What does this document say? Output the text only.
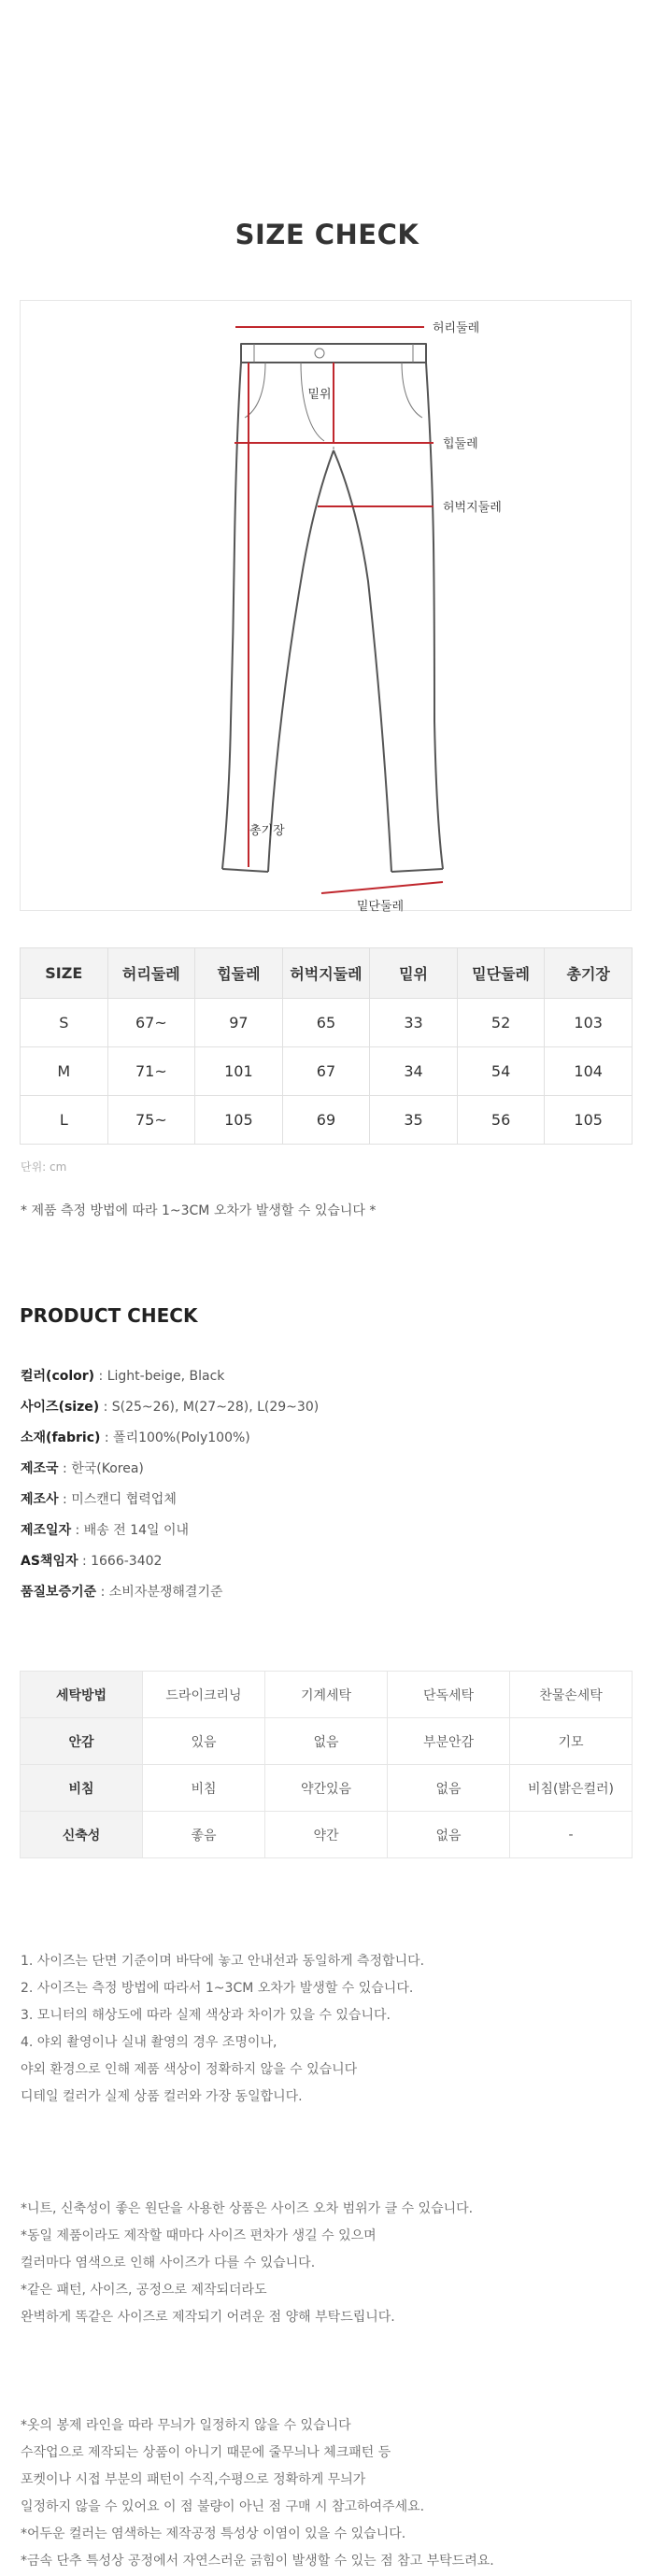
SIZE CHECK
허리둘레
밑위
힙둘레
허벅지둘레
총기장
밑단둘레
SIZE	허리둘레	힙둘레	허벅지둘레	밑위	밑단둘레	총기장
S	67~	97	65	33	52	103
M	71~	101	67	34	54	104
L	75~	105	69	35	56	105
단위: cm
* 제품 측정 방법에 따라 1~3CM 오차가 발생할 수 있습니다 *
PRODUCT CHECK
컬러(color) : Light-beige, Black
사이즈(size) : S(25~26), M(27~28), L(29~30)
소재(fabric) : 폴리100%(Poly100%)
제조국 : 한국(Korea)
제조사 : 미스캔디 협력업체
제조일자 : 배송 전 14일 이내
AS책임자 : 1666-3402
품질보증기준 : 소비자분쟁해결기준
세탁방법	드라이크리닝	기계세탁	단독세탁	찬물손세탁
안감	있음	없음	부분안감	기모
비침	비침	약간있음	없음	비침(밝은컬러)
신축성	좋음	약간	없음	-
1. 사이즈는 단면 기준이며 바닥에 놓고 안내선과 동일하게 측정합니다.
2. 사이즈는 측정 방법에 따라서 1~3CM 오차가 발생할 수 있습니다.
3. 모니터의 해상도에 따라 실제 색상과 차이가 있을 수 있습니다.
4. 야외 촬영이나 실내 촬영의 경우 조명이나,
야외 환경으로 인해 제품 색상이 정확하지 않을 수 있습니다
디테일 컬러가 실제 상품 컬러와 가장 동일합니다.
*니트, 신축성이 좋은 원단을 사용한 상품은 사이즈 오차 범위가 클 수 있습니다.
*동일 제품이라도 제작할 때마다 사이즈 편차가 생길 수 있으며
컬러마다 염색으로 인해 사이즈가 다를 수 있습니다.
*같은 패턴, 사이즈, 공정으로 제작되더라도
완벽하게 똑같은 사이즈로 제작되기 어려운 점 양해 부탁드립니다.
*옷의 봉제 라인을 따라 무늬가 일정하지 않을 수 있습니다
수작업으로 제작되는 상품이 아니기 때문에 줄무늬나 체크패턴 등
포켓이나 시접 부분의 패턴이 수직,수평으로 정확하게 무늬가
일정하지 않을 수 있어요 이 점 불량이 아닌 점 구매 시 참고하여주세요.
*어두운 컬러는 염색하는 제작공정 특성상 이염이 있을 수 있습니다.
*금속 단추 특성상 공정에서 자연스러운 긁힘이 발생할 수 있는 점 참고 부탁드려요.
